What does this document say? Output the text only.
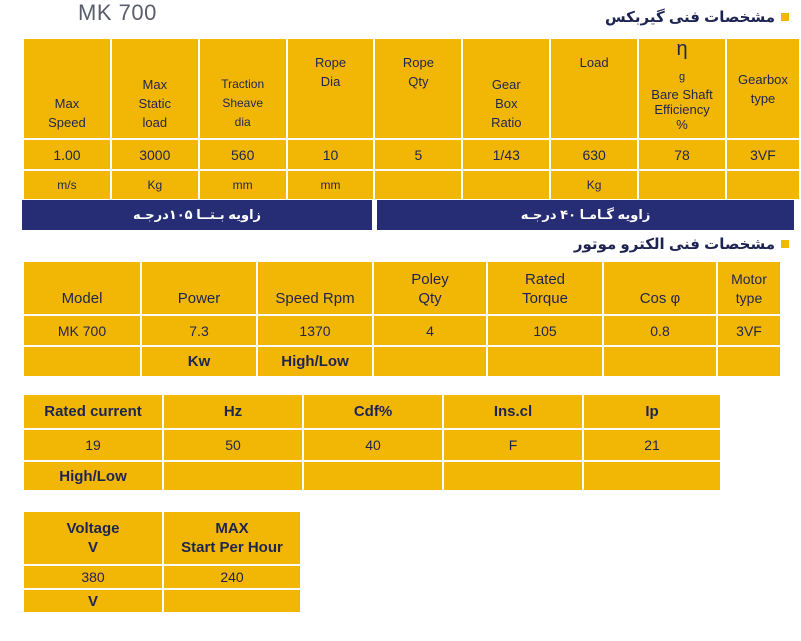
MK 700	مشخصات فنی گیربکس
Max
Speed	Max
Static
load	Traction
Sheave
dia	Rope
Dia	Rope
Qty	Gear
Box
Ratio	Load	η
$_g$
Bare Shaft
Efficiency
%	Gearbox
type

1.00	3000	560	10	5	1/43	630	78	3VF
m/s	Kg	mm	mm			Kg		
زاویه بـتــا ۱۰۵درجـه	زاویه گـامـا ۴۰ درجـه
مشخصات فنی الکترو موتور
Model	Power	Speed Rpm	Poley
Qty	Rated
Torque	Cos φ	Motor
type

MK 700	7.3	1370	4	105	0.8	3VF
	Kw	High/Low				
Rated current	Hz	Cdf%	Ins.cl	Ip
19	50	40	F	21
High/Low				
Voltage
V	MAX
Start Per Hour

380	240
V	
